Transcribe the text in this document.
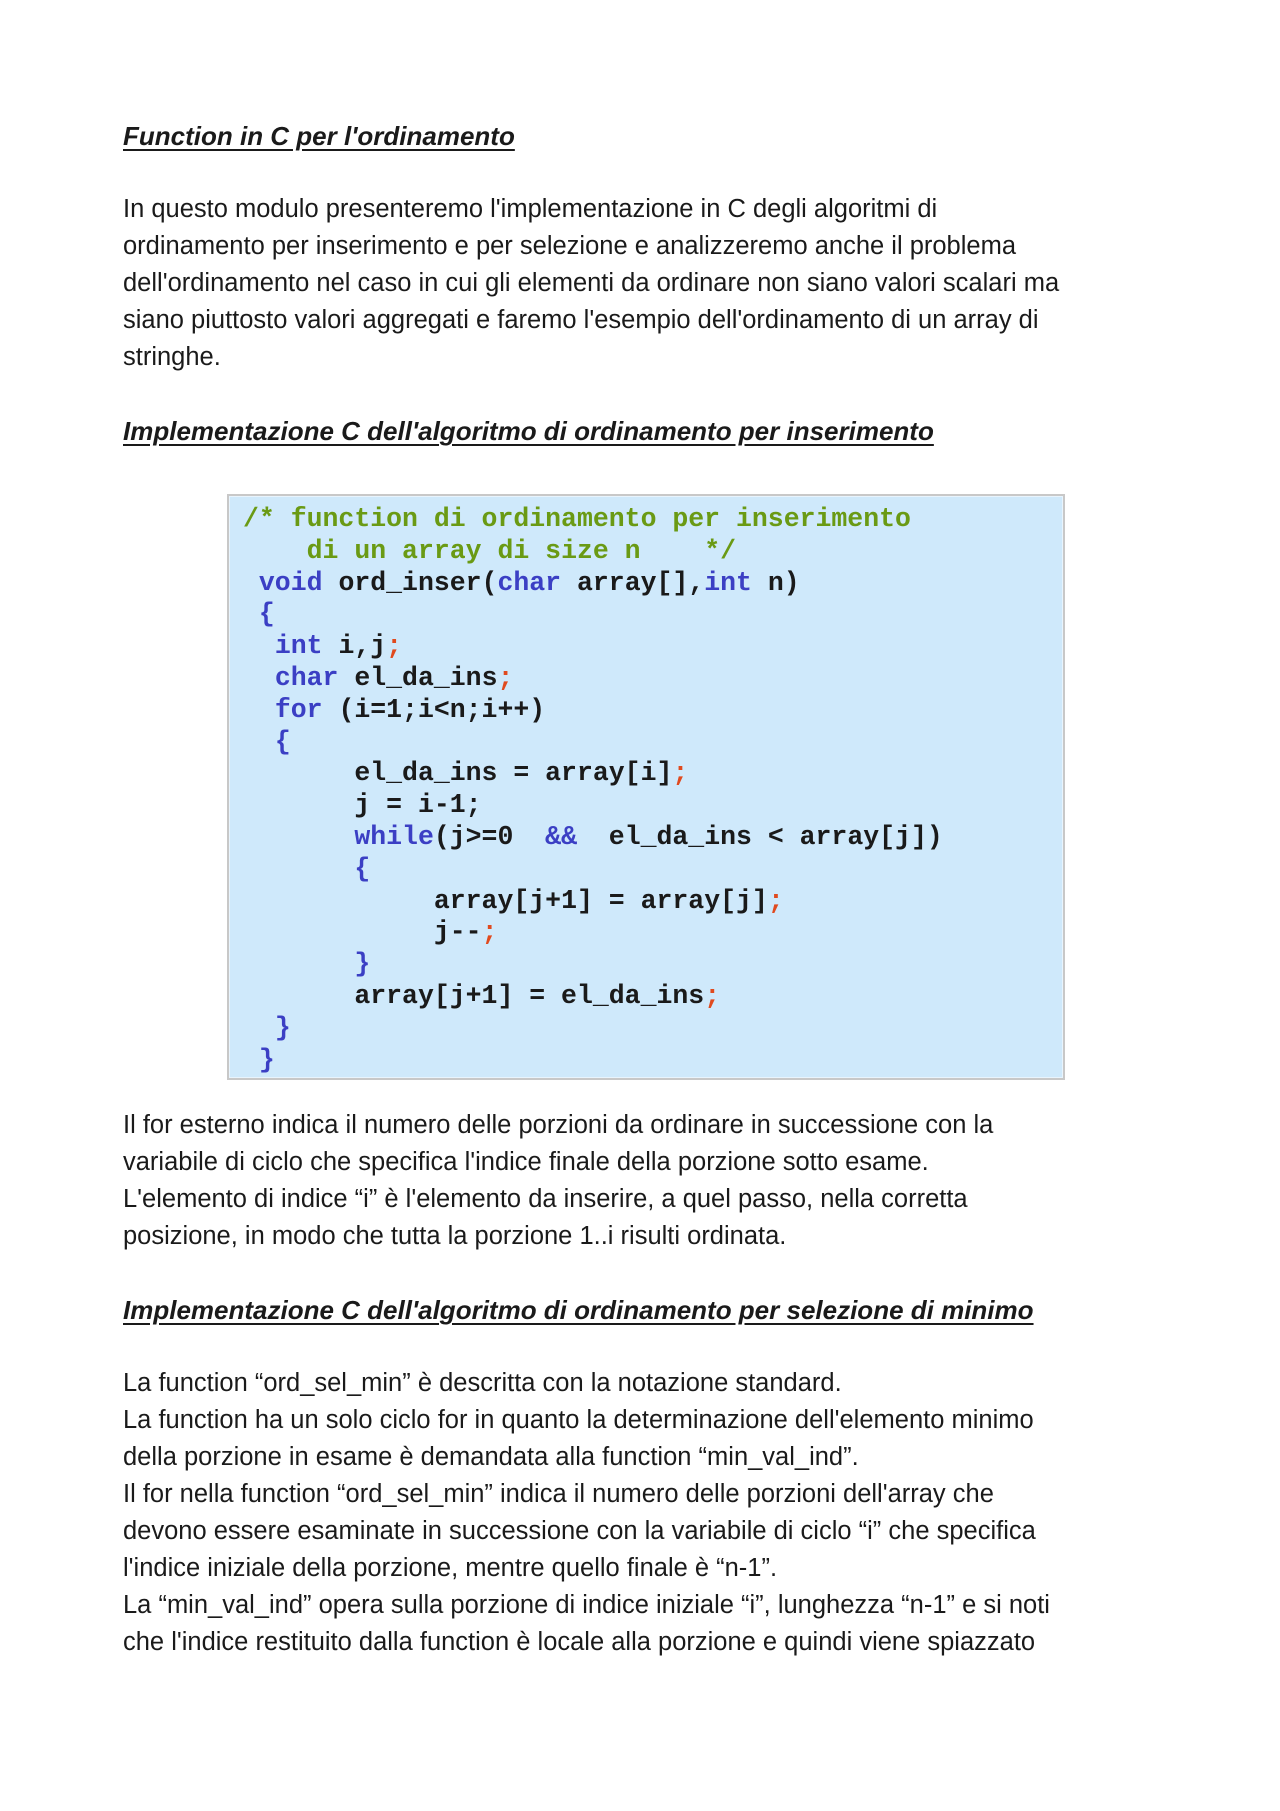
Function in C per l'ordinamento

In questo modulo presenteremo l'implementazione in C degli algoritmi di

ordinamento per inserimento e per selezione e analizzeremo anche il problema

dell'ordinamento nel caso in cui gli elementi da ordinare non siano valori scalari ma

siano piuttosto valori aggregati e faremo l'esempio dell'ordinamento di un array di

stringhe.

Implementazione C dell'algoritmo di ordinamento per inserimento
/* function di ordinamento per inserimento
di un array di size n    */
void ord_inser(char array[],int n)
{
int i,j;
char el_da_ins;
for (i=1;i<n;i++)
{
el_da_ins = array[i];
j = i-1;
while(j>=0  &&  el_da_ins < array[j])
{
array[j+1] = array[j];
j--;
}
array[j+1] = el_da_ins;
}
}

Il for esterno indica il numero delle porzioni da ordinare in successione con la

variabile di ciclo che specifica l'indice finale della porzione sotto esame.

L'elemento di indice “i” è l'elemento da inserire, a quel passo, nella corretta

posizione, in modo che tutta la porzione 1..i risulti ordinata.

Implementazione C dell'algoritmo di ordinamento per selezione di minimo

La function “ord_sel_min” è descritta con la notazione standard.

La function ha un solo ciclo for in quanto la determinazione dell'elemento minimo

della porzione in esame è demandata alla function “min_val_ind”.

Il for nella function “ord_sel_min” indica il numero delle porzioni dell'array che

devono essere esaminate in successione con la variabile di ciclo “i” che specifica

l'indice iniziale della porzione, mentre quello finale è “n-1”.

La “min_val_ind” opera sulla porzione di indice iniziale “i”, lunghezza “n-1” e si noti

che l'indice restituito dalla function è locale alla porzione e quindi viene spiazzato
